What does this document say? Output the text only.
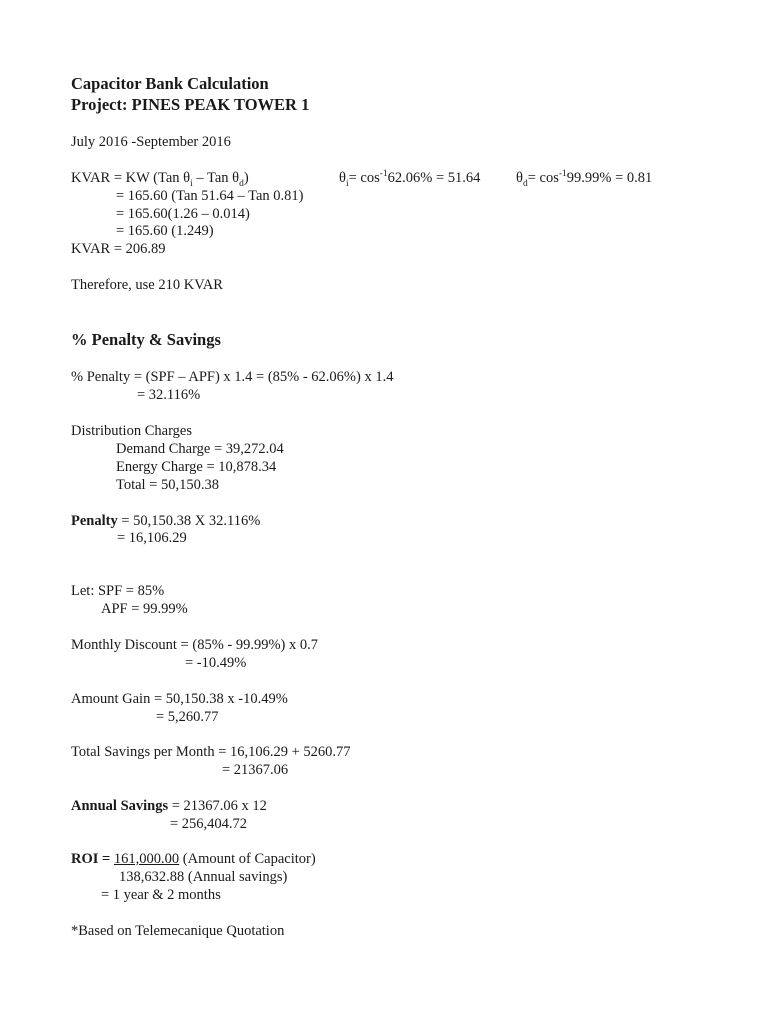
Capacitor Bank Calculation
Project: PINES PEAK TOWER 1
July 2016 -September 2016
KVAR = KW (Tan $\theta_i$ – Tan $\theta_d$)	$\theta_i= \cos^{-1}62.06\% = 51.64$ $\theta_d= \cos^{-1}99.99\% = 0.81$
= 165.60 (Tan 51.64 – Tan 0.81)
= 165.60(1.26 – 0.014)
= 165.60 (1.249)
KVAR = 206.89
Therefore, use 210 KVAR
% Penalty & Savings
% Penalty = (SPF – APF) x 1.4 = (85% - 62.06%) x 1.4
= 32.116%
Distribution Charges
Demand Charge = 39,272.04
Energy Charge = 10,878.34
Total = 50,150.38
Penalty = 50,150.38 X 32.116%
= 16,106.29
Let: SPF = 85%
APF = 99.99%
Monthly Discount = (85% - 99.99%) x 0.7
= -10.49%
Amount Gain = 50,150.38 x -10.49%
= 5,260.77
Total Savings per Month = 16,106.29 + 5260.77
= 21367.06
Annual Savings = 21367.06 x 12
= 256,404.72
ROI = 161,000.00 (Amount of Capacitor)
138,632.88 (Annual savings)
= 1 year & 2 months
*Based on Telemecanique Quotation
